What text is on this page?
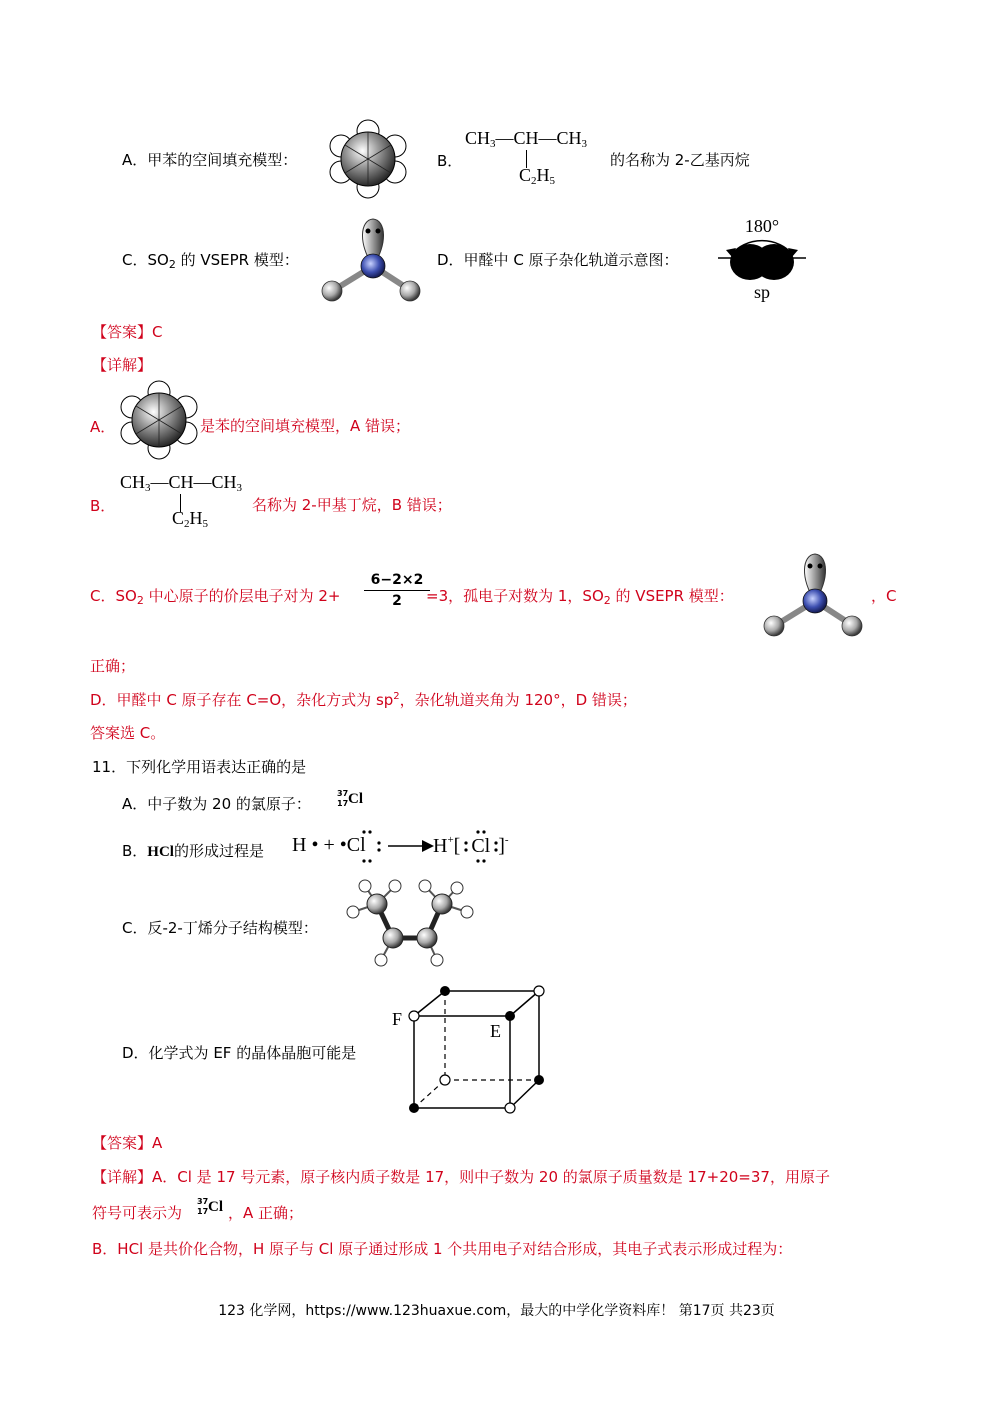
A．甲苯的空间填充模型：	B．
$CH_3—CH—CH_3$
$C_2H_5$
的名称为 2-乙基丙烷
C．$SO_2$ 的 VSEPR 模型：	D．甲醛中 C 原子杂化轨道示意图：
180°
sp
【答案】C
【详解】
A．	是苯的空间填充模型，A 错误；
B．
$CH_3—CH—CH_3$
$C_2H_5$
名称为 2-甲基丁烷，B 错误；
C．$SO_2$ 中心原子的价层电子对为 $2+ \frac{6-2\times 2}{2}$
=3，孤电子对数为 1，$SO_2$ 的 VSEPR 模型：	，C
正确；
D．甲醛中 C 原子存在 C=O，杂化方式为 $sp^2$，杂化轨道夹角为 120°，D 错误；
答案选 C。
11．下列化学用语表达正确的是
A．中子数为 20 的氯原子：
37
17 Cl
B．HCl的形成过程是 H • + •Cl	H+[ Cl ]-
C．反-2-丁烯分子结构模型：
D．化学式为 EF 的晶体晶胞可能是
F
E
【答案】A
【详解】A．Cl 是 17 号元素，原子核内质子数是 17，则中子数为 20 的氯原子质量数是 17+20=37，用原子
符号可表示为
37
17 Cl ，A 正确；
B．HCl 是共价化合物，H 原子与 Cl 原子通过形成 1 个共用电子对结合形成，其电子式表示形成过程为：
123 化学网，https://www.123huaxue.com，最大的中学化学资料库！ 第17页 共23页
